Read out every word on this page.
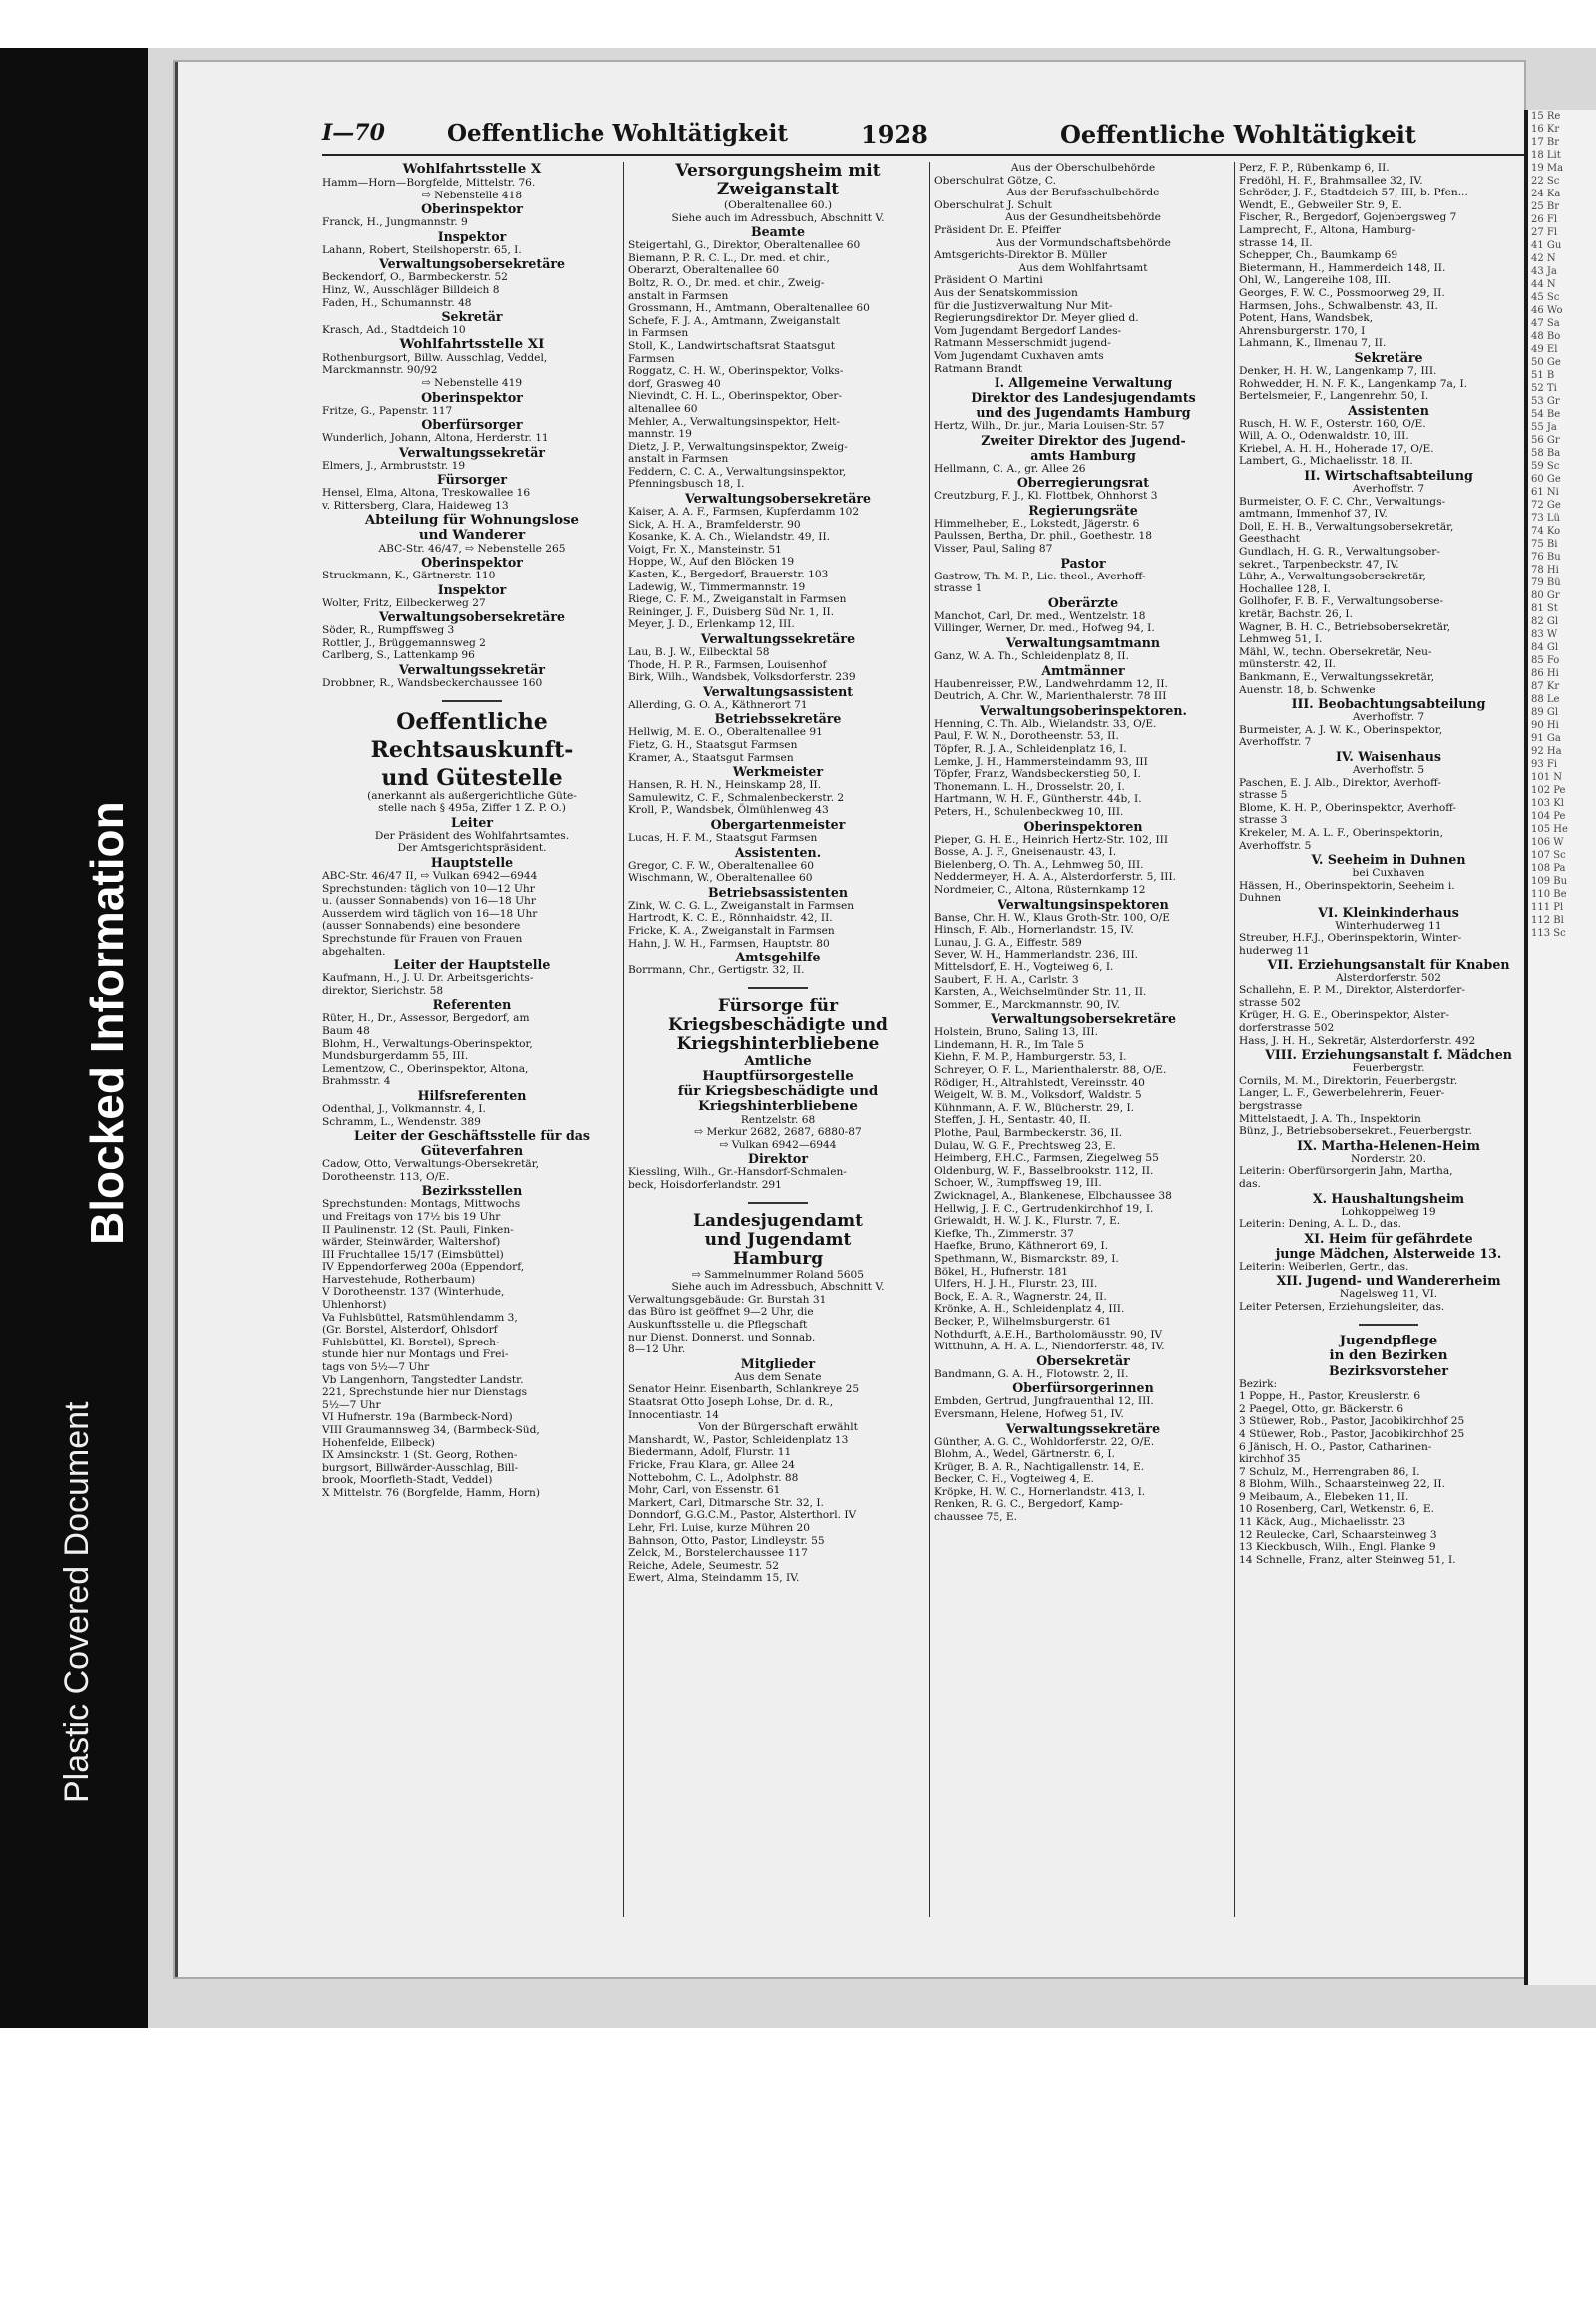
Plastic Covered Document
Blocked Information
I—70	Oeffentliche Wohltätigkeit	1928	Oeffentliche Wohltätigkeit
Wohlfahrtsstelle X
Hamm—Horn—Borgfelde, Mittelstr. 76.
⇨ Nebenstelle 418
Oberinspektor
Franck, H., Jungmannstr. 9
Inspektor
Lahann, Robert, Steilshoperstr. 65, I.
Verwaltungsobersekretäre
Beckendorf, O., Barmbeckerstr. 52
Hinz, W., Ausschläger Billdeich 8
Faden, H., Schumannstr. 48
Sekretär
Krasch, Ad., Stadtdeich 10
Wohlfahrtsstelle XI
Rothenburgsort, Billw. Ausschlag, Veddel,
Marckmannstr. 90/92
⇨ Nebenstelle 419
Oberinspektor
Fritze, G., Papenstr. 117
Oberfürsorger
Wunderlich, Johann, Altona, Herderstr. 11
Verwaltungssekretär
Elmers, J., Armbruststr. 19
Fürsorger
Hensel, Elma, Altona, Treskowallee 16
v. Rittersberg, Clara, Haideweg 13
Abteilung für Wohnungslose
und Wanderer
ABC-Str. 46/47, ⇨ Nebenstelle 265
Oberinspektor
Struckmann, K., Gärtnerstr. 110
Inspektor
Wolter, Fritz, Eilbeckerweg 27
Verwaltungsobersekretäre
Söder, R., Rumpffsweg 3
Rottler, J., Brüggemannsweg 2
Carlberg, S., Lattenkamp 96
Verwaltungssekretär
Drobbner, R., Wandsbeckerchaussee 160
Oeffentliche
Rechtsauskunft-
und Gütestelle
(anerkannt als außergerichtliche Güte-
stelle nach § 495a, Ziffer 1 Z. P. O.)
Leiter
Der Präsident des Wohlfahrtsamtes.
Der Amtsgerichtspräsident.
Hauptstelle
ABC-Str. 46/47 II, ⇨ Vulkan 6942—6944
Sprechstunden: täglich von 10—12 Uhr
u. (ausser Sonnabends) von 16—18 Uhr
Ausserdem wird täglich von 16—18 Uhr
(ausser Sonnabends) eine besondere
Sprechstunde für Frauen von Frauen
abgehalten.
Leiter der Hauptstelle
Kaufmann, H., J. U. Dr. Arbeitsgerichts-
direktor, Sierichstr. 58
Referenten
Rüter, H., Dr., Assessor, Bergedorf, am
Baum 48
Blohm, H., Verwaltungs-Oberinspektor,
Mundsburgerdamm 55, III.
Lementzow, C., Oberinspektor, Altona,
Brahmsstr. 4
Hilfsreferenten
Odenthal, J., Volkmannstr. 4, I.
Schramm, L., Wendenstr. 389
Leiter der Geschäftsstelle für das
Güteverfahren
Cadow, Otto, Verwaltungs-Obersekretär,
Dorotheenstr. 113, O/E.
Bezirksstellen
Sprechstunden: Montags, Mittwochs
und Freitags von 17½ bis 19 Uhr
II Paulinenstr. 12 (St. Pauli, Finken-
wärder, Steinwärder, Waltershof)
III Fruchtallee 15/17 (Eimsbüttel)
IV Eppendorferweg 200a (Eppendorf,
Harvestehude, Rotherbaum)
V Dorotheenstr. 137 (Winterhude,
Uhlenhorst)
Va Fuhlsbüttel, Ratsmühlendamm 3,
(Gr. Borstel, Alsterdorf, Ohlsdorf
Fuhlsbüttel, Kl. Borstel), Sprech-
stunde hier nur Montags und Frei-
tags von 5½—7 Uhr
Vb Langenhorn, Tangstedter Landstr.
221, Sprechstunde hier nur Dienstags
5½—7 Uhr
VI Hufnerstr. 19a (Barmbeck-Nord)
VIII Graumannsweg 34, (Barmbeck-Süd,
Hohenfelde, Eilbeck)
IX Amsinckstr. 1 (St. Georg, Rothen-
burgsort, Billwärder-Ausschlag, Bill-
brook, Moorfleth-Stadt, Veddel)
X Mittelstr. 76 (Borgfelde, Hamm, Horn)
Versorgungsheim mit
Zweiganstalt
(Oberaltenallee 60.)
Siehe auch im Adressbuch, Abschnitt V.
Beamte
Steigertahl, G., Direktor, Oberaltenallee 60
Biemann, P. R. C. L., Dr. med. et chir.,
Oberarzt, Oberaltenallee 60
Boltz, R. O., Dr. med. et chir., Zweig-
anstalt in Farmsen
Grossmann, H., Amtmann, Oberaltenallee 60
Schefe, F. J. A., Amtmann, Zweiganstalt
in Farmsen
Stoll, K., Landwirtschaftsrat Staatsgut
Farmsen
Roggatz, C. H. W., Oberinspektor, Volks-
dorf, Grasweg 40
Nievindt, C. H. L., Oberinspektor, Ober-
altenallee 60
Mehler, A., Verwaltungsinspektor, Helt-
mannstr. 19
Dietz, J. P., Verwaltungsinspektor, Zweig-
anstalt in Farmsen
Feddern, C. C. A., Verwaltungsinspektor,
Pfenningsbusch 18, I.
Verwaltungsobersekretäre
Kaiser, A. A. F., Farmsen, Kupferdamm 102
Sick, A. H. A., Bramfelderstr. 90
Kosanke, K. A. Ch., Wielandstr. 49, II.
Voigt, Fr. X., Mansteinstr. 51
Hoppe, W., Auf den Blöcken 19
Kasten, K., Bergedorf, Brauerstr. 103
Ladewig, W., Timmermannstr. 19
Riege, C. F. M., Zweiganstalt in Farmsen
Reininger, J. F., Duisberg Süd Nr. 1, II.
Meyer, J. D., Erlenkamp 12, III.
Verwaltungssekretäre
Lau, B. J. W., Eilbecktal 58
Thode, H. P. R., Farmsen, Louisenhof
Birk, Wilh., Wandsbek, Volksdorferstr. 239
Verwaltungsassistent
Allerding, G. O. A., Käthnerort 71
Betriebssekretäre
Hellwig, M. E. O., Oberaltenallee 91
Fietz, G. H., Staatsgut Farmsen
Kramer, A., Staatsgut Farmsen
Werkmeister
Hansen, R. H. N., Heinskamp 28, II.
Samulewitz, C. F., Schmalenbeckerstr. 2
Kroll, P., Wandsbek, Ölmühlenweg 43
Obergartenmeister
Lucas, H. F. M., Staatsgut Farmsen
Assistenten.
Gregor, C. F. W., Oberaltenallee 60
Wischmann, W., Oberaltenallee 60
Betriebsassistenten
Zink, W. C. G. L., Zweiganstalt in Farmsen
Hartrodt, K. C. E., Rönnhaidstr. 42, II.
Fricke, K. A., Zweiganstalt in Farmsen
Hahn, J. W. H., Farmsen, Hauptstr. 80
Amtsgehilfe
Borrmann, Chr., Gertigstr. 32, II.
Fürsorge für
Kriegsbeschädigte und
Kriegshinterbliebene
Amtliche
Hauptfürsorgestelle
für Kriegsbeschädigte und
Kriegshinterbliebene
Rentzelstr. 68
⇨ Merkur 2682, 2687, 6880-87
⇨ Vulkan 6942—6944
Direktor
Kiessling, Wilh., Gr.-Hansdorf-Schmalen-
beck, Hoisdorferlandstr. 291
Landesjugendamt
und Jugendamt
Hamburg
⇨ Sammelnummer Roland 5605
Siehe auch im Adressbuch, Abschnitt V.
Verwaltungsgebäude: Gr. Burstah 31
das Büro ist geöffnet 9—2 Uhr, die
Auskunftsstelle u. die Pflegschaft
nur Dienst. Donnerst. und Sonnab.
8—12 Uhr.
Mitglieder
Aus dem Senate
Senator Heinr. Eisenbarth, Schlankreye 25
Staatsrat Otto Joseph Lohse, Dr. d. R.,
Innocentiastr. 14
Von der Bürgerschaft erwählt
Manshardt, W., Pastor, Schleidenplatz 13
Biedermann, Adolf, Flurstr. 11
Fricke, Frau Klara, gr. Allee 24
Nottebohm, C. L., Adolphstr. 88
Mohr, Carl, von Essenstr. 61
Markert, Carl, Ditmarsche Str. 32, I.
Donndorf, G.G.C.M., Pastor, Alsterthorl. IV
Lehr, Frl. Luise, kurze Mühren 20
Bahnson, Otto, Pastor, Lindleystr. 55
Zelck, M., Borstelerchaussee 117
Reiche, Adele, Seumestr. 52
Ewert, Alma, Steindamm 15, IV.
Aus der Oberschulbehörde
Oberschulrat Götze, C.
Aus der Berufsschulbehörde
Oberschulrat J. Schult
Aus der Gesundheitsbehörde
Präsident Dr. E. Pfeiffer
Aus der Vormundschaftsbehörde
Amtsgerichts-Direktor B. Müller
Aus dem Wohlfahrtsamt
Präsident O. Martini
Aus der Senatskommission
für die Justizverwaltung Nur Mit-
Regierungsdirektor Dr. Meyer glied d.
Vom Jugendamt Bergedorf Landes-
Ratmann Messerschmidt jugend-
Vom Jugendamt Cuxhaven amts
Ratmann Brandt
I. Allgemeine Verwaltung
Direktor des Landesjugendamts
und des Jugendamts Hamburg
Hertz, Wilh., Dr. jur., Maria Louisen-Str. 57
Zweiter Direktor des Jugend-
amts Hamburg
Hellmann, C. A., gr. Allee 26
Oberregierungsrat
Creutzburg, F. J., Kl. Flottbek, Ohnhorst 3
Regierungsräte
Himmelheber, E., Lokstedt, Jägerstr. 6
Paulssen, Bertha, Dr. phil., Goethestr. 18
Visser, Paul, Saling 87
Pastor
Gastrow, Th. M. P., Lic. theol., Averhoff-
strasse 1
Oberärzte
Manchot, Carl, Dr. med., Wentzelstr. 18
Villinger, Werner, Dr. med., Hofweg 94, I.
Verwaltungsamtmann
Ganz, W. A. Th., Schleidenplatz 8, II.
Amtmänner
Haubenreisser, P.W., Landwehrdamm 12, II.
Deutrich, A. Chr. W., Marienthalerstr. 78 III
Verwaltungsoberinspektoren.
Henning, C. Th. Alb., Wielandstr. 33, O/E.
Paul, F. W. N., Dorotheenstr. 53, II.
Töpfer, R. J. A., Schleidenplatz 16, I.
Lemke, J. H., Hammersteindamm 93, III
Töpfer, Franz, Wandsbeckerstieg 50, I.
Thonemann, L. H., Drosselstr. 20, I.
Hartmann, W. H. F., Güntherstr. 44b, I.
Peters, H., Schulenbeckweg 10, III.
Oberinspektoren
Pieper, G. H. E., Heinrich Hertz-Str. 102, III
Bosse, A. J. F., Gneisenaustr. 43, I.
Bielenberg, O. Th. A., Lehmweg 50, III.
Neddermeyer, H. A. A., Alsterdorferstr. 5, III.
Nordmeier, C., Altona, Rüsternkamp 12
Verwaltungsinspektoren
Banse, Chr. H. W., Klaus Groth-Str. 100, O/E
Hinsch, F. Alb., Hornerlandstr. 15, IV.
Lunau, J. G. A., Eiffestr. 589
Sever, W. H., Hammerlandstr. 236, III.
Mittelsdorf, E. H., Vogteiweg 6, I.
Saubert, F. H. A., Carlstr. 3
Karsten, A., Weichselmünder Str. 11, II.
Sommer, E., Marckmannstr. 90, IV.
Verwaltungsobersekretäre
Holstein, Bruno, Saling 13, III.
Lindemann, H. R., Im Tale 5
Kiehn, F. M. P., Hamburgerstr. 53, I.
Schreyer, O. F. L., Marienthalerstr. 88, O/E.
Rödiger, H., Altrahlstedt, Vereinsstr. 40
Weigelt, W. B. M., Volksdorf, Waldstr. 5
Kühnmann, A. F. W., Blücherstr. 29, I.
Steffen, J. H., Sentastr. 40, II.
Plothe, Paul, Barmbeckerstr. 36, II.
Dulau, W. G. F., Prechtsweg 23, E.
Heimberg, F.H.C., Farmsen, Ziegelweg 55
Oldenburg, W. F., Basselbrookstr. 112, II.
Schoer, W., Rumpffsweg 19, III.
Zwicknagel, A., Blankenese, Elbchaussee 38
Hellwig, J. F. C., Gertrudenkirchhof 19, I.
Griewaldt, H. W. J. K., Flurstr. 7, E.
Kiefke, Th., Zimmerstr. 37
Haefke, Bruno, Käthnerort 69, I.
Spethmann, W., Bismarckstr. 89, I.
Bökel, H., Hufnerstr. 181
Ulfers, H. J. H., Flurstr. 23, III.
Bock, E. A. R., Wagnerstr. 24, II.
Krönke, A. H., Schleidenplatz 4, III.
Becker, P., Wilhelmsburgerstr. 61
Nothdurft, A.E.H., Bartholomäusstr. 90, IV
Witthuhn, A. H. A. L., Niendorferstr. 48, IV.
Obersekretär
Bandmann, G. A. H., Flotowstr. 2, II.
Oberfürsorgerinnen
Embden, Gertrud, Jungfrauenthal 12, III.
Eversmann, Helene, Hofweg 51, IV.
Verwaltungssekretäre
Günther, A. G. C., Wohldorferstr. 22, O/E.
Blohm, A., Wedel, Gärtnerstr. 6, I.
Krüger, B. A. R., Nachtigallenstr. 14, E.
Becker, C. H., Vogteiweg 4, E.
Kröpke, H. W. C., Hornerlandstr. 413, I.
Renken, R. G. C., Bergedorf, Kamp-
chaussee 75, E.
Perz, F. P., Rübenkamp 6, II.
Fredöhl, H. F., Brahmsallee 32, IV.
Schröder, J. F., Stadtdeich 57, III, b. Pfen...
Wendt, E., Gebweiler Str. 9, E.
Fischer, R., Bergedorf, Gojenbergsweg 7
Lamprecht, F., Altona, Hamburg-
strasse 14, II.
Schepper, Ch., Baumkamp 69
Bietermann, H., Hammerdeich 148, II.
Ohl, W., Langereihe 108, III.
Georges, F. W. C., Possmoorweg 29, II.
Harmsen, Johs., Schwalbenstr. 43, II.
Potent, Hans, Wandsbek,
Ahrensburgerstr. 170, I
Lahmann, K., Ilmenau 7, II.
Sekretäre
Denker, H. H. W., Langenkamp 7, III.
Rohwedder, H. N. F. K., Langenkamp 7a, I.
Bertelsmeier, F., Langenrehm 50, I.
Assistenten
Rusch, H. W. F., Osterstr. 160, O/E.
Will, A. O., Odenwaldstr. 10, III.
Kriebel, A. H. H., Hoherade 17, O/E.
Lambert, G., Michaelisstr. 18, II.
II. Wirtschaftsabteilung
Averhoffstr. 7
Burmeister, O. F. C. Chr., Verwaltungs-
amtmann, Immenhof 37, IV.
Doll, E. H. B., Verwaltungsobersekretär,
Geesthacht
Gundlach, H. G. R., Verwaltungsober-
sekret., Tarpenbeckstr. 47, IV.
Lühr, A., Verwaltungsobersekretär,
Hochallee 128, I.
Gollhofer, F. B. F., Verwaltungsoberse-
kretär, Bachstr. 26, I.
Wagner, B. H. C., Betriebsobersekretär,
Lehmweg 51, I.
Mähl, W., techn. Obersekretär, Neu-
münsterstr. 42, II.
Bankmann, E., Verwaltungssekretär,
Auenstr. 18, b. Schwenke
III. Beobachtungsabteilung
Averhoffstr. 7
Burmeister, A. J. W. K., Oberinspektor,
Averhoffstr. 7
IV. Waisenhaus
Averhoffstr. 5
Paschen, E. J. Alb., Direktor, Averhoff-
strasse 5
Blome, K. H. P., Oberinspektor, Averhoff-
strasse 3
Krekeler, M. A. L. F., Oberinspektorin,
Averhoffstr. 5
V. Seeheim in Duhnen
bei Cuxhaven
Hässen, H., Oberinspektorin, Seeheim i.
Duhnen
VI. Kleinkinderhaus
Winterhuderweg 11
Streuber, H.F.J., Oberinspektorin, Winter-
huderweg 11
VII. Erziehungsanstalt für Knaben
Alsterdorferstr. 502
Schallehn, E. P. M., Direktor, Alsterdorfer-
strasse 502
Krüger, H. G. E., Oberinspektor, Alster-
dorferstrasse 502
Hass, J. H. H., Sekretär, Alsterdorferstr. 492
VIII. Erziehungsanstalt f. Mädchen
Feuerbergstr.
Cornils, M. M., Direktorin, Feuerbergstr.
Langer, L. F., Gewerbelehrerin, Feuer-
bergstrasse
Mittelstaedt, J. A. Th., Inspektorin
Bünz, J., Betriebsobersekret., Feuerbergstr.
IX. Martha-Helenen-Heim
Norderstr. 20.
Leiterin: Oberfürsorgerin Jahn, Martha,
das.
X. Haushaltungsheim
Lohkoppelweg 19
Leiterin: Dening, A. L. D., das.
XI. Heim für gefährdete
junge Mädchen, Alsterweide 13.
Leiterin: Weiberlen, Gertr., das.
XII. Jugend- und Wandererheim
Nagelsweg 11, VI.
Leiter Petersen, Erziehungsleiter, das.
Jugendpflege
in den Bezirken
Bezirksvorsteher
Bezirk:
1 Poppe, H., Pastor, Kreuslerstr. 6
2 Paegel, Otto, gr. Bäckerstr. 6
3 Stüewer, Rob., Pastor, Jacobikirchhof 25
4 Stüewer, Rob., Pastor, Jacobikirchhof 25
6 Jänisch, H. O., Pastor, Catharinen-
kirchhof 35
7 Schulz, M., Herrengraben 86, I.
8 Blohm, Wilh., Schaarsteinweg 22, II.
9 Meibaum, A., Elebeken 11, II.
10 Rosenberg, Carl, Wetkenstr. 6, E.
11 Käck, Aug., Michaelisstr. 23
12 Reulecke, Carl, Schaarsteinweg 3
13 Kieckbusch, Wilh., Engl. Planke 9
14 Schnelle, Franz, alter Steinweg 51, I.
15 Re
16 Kr
17 Br
18 Lit
19 Ma
22 Sc
24 Ka
25 Br
26 Fl
27 Fl
41 Gu
42 N
43 Ja
44 N
45 Sc
46 Wo
47 Sa
48 Bo
49 El
50 Ge
51 B
52 Ti
53 Gr
54 Be
55 Ja
56 Gr
58 Ba
59 Sc
60 Ge
61 Ni
72 Ge
73 Lü
74 Ko
75 Bi
76 Bu
78 Hi
79 Bü
80 Gr
81 St
82 Gl
83 W
84 Gl
85 Fo
86 Hi
87 Kr
88 Le
89 Gl
90 Hi
91 Ga
92 Ha
93 Fi
101 N
102 Pe
103 Kl
104 Pe
105 He
106 W
107 Sc
108 Pa
109 Bu
110 Be
111 Pl
112 Bl
113 Sc
